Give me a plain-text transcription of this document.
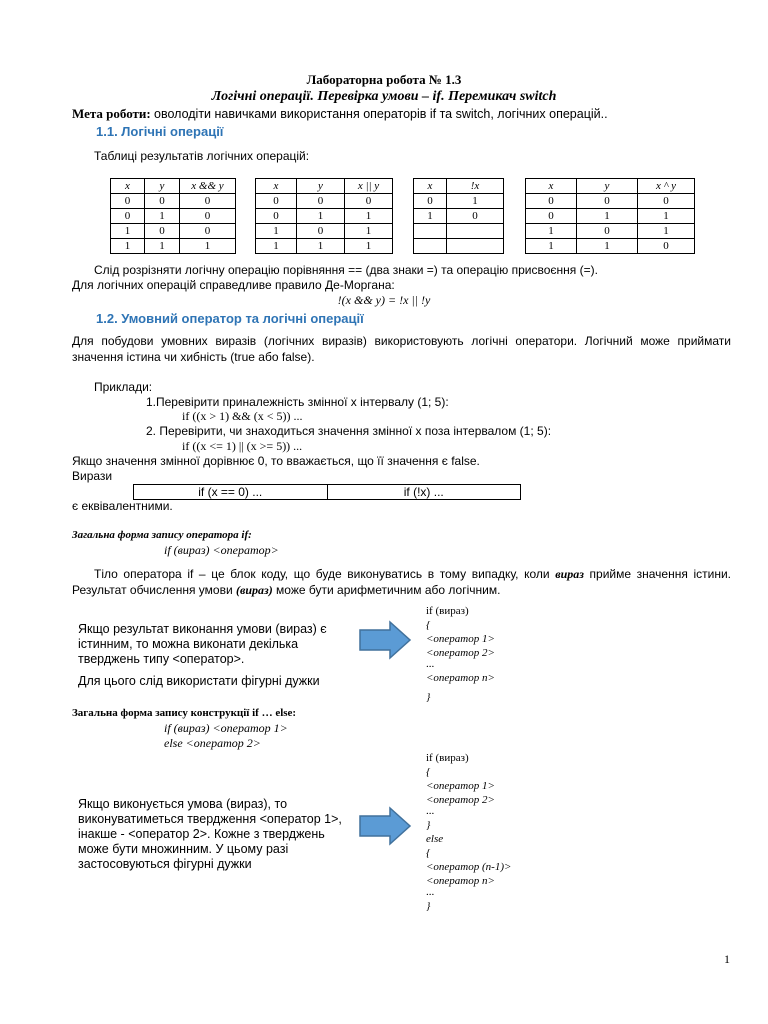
Лабораторна робота № 1.3
Логічні операції. Перевірка умови – if. Перемикач switch
Мета роботи: оволодіти навичками використання операторів if та switch, логічних операцій..
1.1. Логічні операції
Таблиці результатів логічних операцій:
x	y	x && y
0	0	0
0	1	0
1	0	0
1	1	1
x	y	x || y
0	0	0
0	1	1
1	0	1
1	1	1
x	!x
0	1
1	0

x	y	x ^ y
0	0	0
0	1	1
1	0	1
1	1	0
Слід розрізняти логічну операцію порівняння == (два знаки =) та операцію присвоєння (=).
Для логічних операцій справедливе правило Де-Моргана:
!(x && y) = !x || !y
1.2. Умовний оператор та логічні операції
Для побудови умовних виразів (логічних виразів) використовують логічні оператори. Логічний може приймати значення істина чи хибність (true або false).
Приклади:
1.Перевірити приналежність змінної x інтервалу (1; 5):
if ((x > 1) && (x < 5)) ...
2. Перевірити, чи знаходиться значення змінної x поза інтервалом (1; 5):
if ((x <= 1) || (x >= 5)) ...
Якщо значення змінної дорівнює 0, то вважається, що її значення є false.
Вирази
if (x == 0) ...	if (!x) ...
є еквівалентними.
Загальна форма запису оператора if:
if (вираз) <оператор>
Тіло оператора if – це блок коду, що буде виконуватись в тому випадку, коли вираз прийме значення істини. Результат обчислення умови (вираз) може бути арифметичним або логічним.
Якщо результат виконання умови (вираз) є істинним, то можна виконати декілька тверджень типу <оператор>.
Для цього слід використати фігурні дужки
if (вираз)
{
<оператор 1>
<оператор 2>
...
<оператор n>
}
Загальна форма запису конструкції if … else:
if (вираз) <оператор 1>
else <оператор 2>
Якщо виконується умова (вираз), то виконуватиметься твердження <оператор 1>, інакше - <оператор 2>. Кожне з тверджень може бути множинним. У цьому разі застосовуються фігурні дужки
if (вираз)
{
<оператор 1>
<оператор 2>
...
}
else
{
<оператор (n-1)>
<оператор n>
...
}
1
